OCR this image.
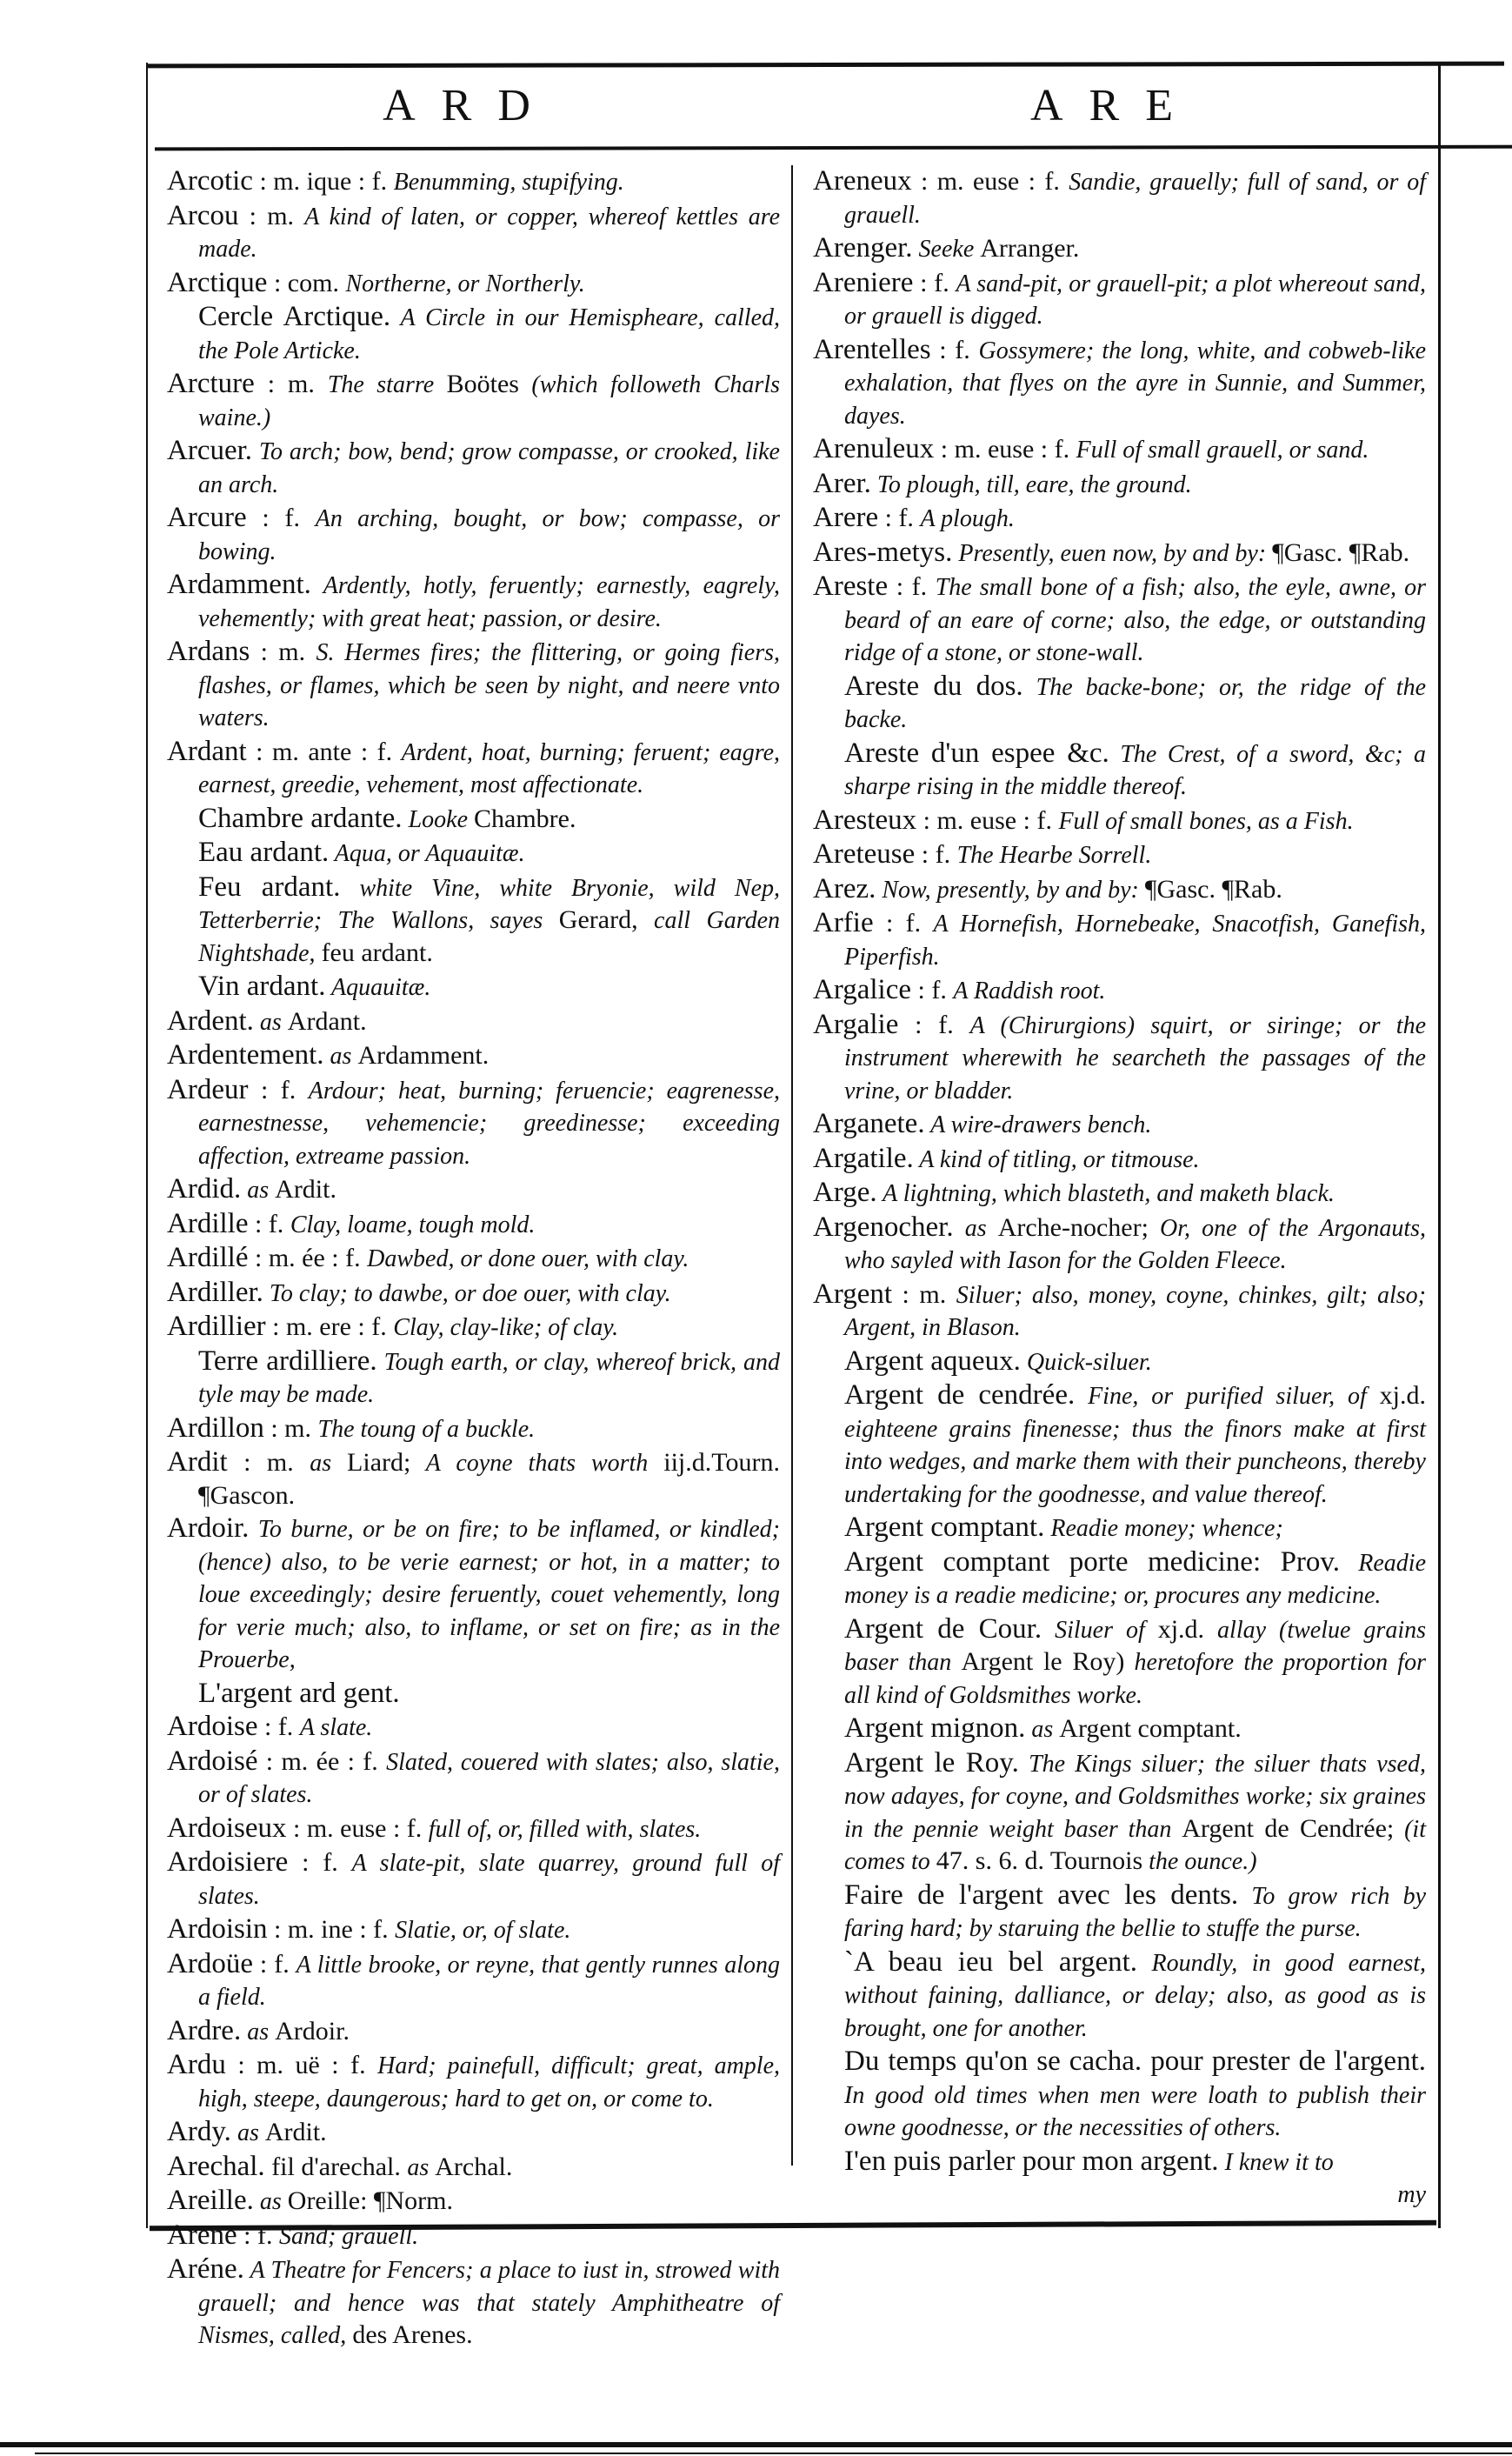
ARD	ARE
Arcotic : m. ique : f. Benumming, stupifying.
Arcou : m. A kind of laten, or copper, whereof kettles are made.
Arctique : com. Northerne, or Northerly.
Cercle Arctique. A Circle in our Hemispheare, called, the Pole Articke.
Arcture : m. The starre Boötes (which followeth Charls waine.)
Arcuer. To arch; bow, bend; grow compasse, or crooked, like an arch.
Arcure : f. An arching, bought, or bow; compasse, or bowing.
Ardamment. Ardently, hotly, feruently; earnestly, eagrely, vehemently; with great heat; passion, or desire.
Ardans : m. S. Hermes fires; the flittering, or going fiers, flashes, or flames, which be seen by night, and neere vnto waters.
Ardant : m. ante : f. Ardent, hoat, burning; feruent; eagre, earnest, greedie, vehement, most affectionate.
Chambre ardante. Looke Chambre.
Eau ardant. Aqua, or Aquauitæ.
Feu ardant. white Vine, white Bryonie, wild Nep, Tetterberrie; The Wallons, sayes Gerard, call Garden Nightshade, feu ardant.
Vin ardant. Aquauitæ.
Ardent. as Ardant.
Ardentement. as Ardamment.
Ardeur : f. Ardour; heat, burning; feruencie; eagrenesse, earnestnesse, vehemencie; greedinesse; exceeding affection, extreame passion.
Ardid. as Ardit.
Ardille : f. Clay, loame, tough mold.
Ardillé : m. ée : f. Dawbed, or done ouer, with clay.
Ardiller. To clay; to dawbe, or doe ouer, with clay.
Ardillier : m. ere : f. Clay, clay-like; of clay.
Terre ardilliere. Tough earth, or clay, whereof brick, and tyle may be made.
Ardillon : m. The toung of a buckle.
Ardit : m. as Liard; A coyne thats worth iij.d.Tourn. ¶Gascon.
Ardoir. To burne, or be on fire; to be inflamed, or kindled; (hence) also, to be verie earnest; or hot, in a matter; to loue exceedingly; desire feruently, couet vehemently, long for verie much; also, to inflame, or set on fire; as in the Prouerbe,
L'argent ard gent.
Ardoise : f. A slate.
Ardoisé : m. ée : f. Slated, couered with slates; also, slatie, or of slates.
Ardoiseux : m. euse : f. full of, or, filled with, slates.
Ardoisiere : f. A slate-pit, slate quarrey, ground full of slates.
Ardoisin : m. ine : f. Slatie, or, of slate.
Ardoüe : f. A little brooke, or reyne, that gently runnes along a field.
Ardre. as Ardoir.
Ardu : m. uë : f. Hard; painefull, difficult; great, ample, high, steepe, daungerous; hard to get on, or come to.
Ardy. as Ardit.
Arechal. fil d'arechal. as Archal.
Areille. as Oreille: ¶Norm.
Arene : f. Sand; grauell.
Aréne. A Theatre for Fencers; a place to iust in, strowed with grauell; and hence was that stately Amphitheatre of Nismes, called, des Arenes.
Areneux : m. euse : f. Sandie, grauelly; full of sand, or of grauell.
Arenger. Seeke Arranger.
Areniere : f. A sand-pit, or grauell-pit; a plot whereout sand, or grauell is digged.
Arentelles : f. Gossymere; the long, white, and cobweb-like exhalation, that flyes on the ayre in Sunnie, and Summer, dayes.
Arenuleux : m. euse : f. Full of small grauell, or sand.
Arer. To plough, till, eare, the ground.
Arere : f. A plough.
Ares-metys. Presently, euen now, by and by: ¶Gasc. ¶Rab.
Areste : f. The small bone of a fish; also, the eyle, awne, or beard of an eare of corne; also, the edge, or outstanding ridge of a stone, or stone-wall.
Areste du dos. The backe-bone; or, the ridge of the backe.
Areste d'un espee &c. The Crest, of a sword, &c; a sharpe rising in the middle thereof.
Aresteux : m. euse : f. Full of small bones, as a Fish.
Areteuse : f. The Hearbe Sorrell.
Arez. Now, presently, by and by: ¶Gasc. ¶Rab.
Arfie : f. A Hornefish, Hornebeake, Snacotfish, Ganefish, Piperfish.
Argalice : f. A Raddish root.
Argalie : f. A (Chirurgions) squirt, or siringe; or the instrument wherewith he searcheth the passages of the vrine, or bladder.
Arganete. A wire-drawers bench.
Argatile. A kind of titling, or titmouse.
Arge. A lightning, which blasteth, and maketh black.
Argenocher. as Arche-nocher; Or, one of the Argonauts, who sayled with Iason for the Golden Fleece.
Argent : m. Siluer; also, money, coyne, chinkes, gilt; also; Argent, in Blason.
Argent aqueux. Quick-siluer.
Argent de cendrée. Fine, or purified siluer, of xj.d. eighteene grains finenesse; thus the finors make at first into wedges, and marke them with their puncheons, thereby undertaking for the goodnesse, and value thereof.
Argent comptant. Readie money; whence;
Argent comptant porte medicine: Prov. Readie money is a readie medicine; or, procures any medicine.
Argent de Cour. Siluer of xj.d. allay (twelue grains baser than Argent le Roy) heretofore the proportion for all kind of Goldsmithes worke.
Argent mignon. as Argent comptant.
Argent le Roy. The Kings siluer; the siluer thats vsed, now adayes, for coyne, and Goldsmithes worke; six graines in the pennie weight baser than Argent de Cendrée; (it comes to 47. s. 6. d. Tournois the ounce.)
Faire de l'argent avec les dents. To grow rich by faring hard; by staruing the bellie to stuffe the purse.
`A beau ieu bel argent. Roundly, in good earnest, without faining, dalliance, or delay; also, as good as is brought, one for another.
Du temps qu'on se cacha. pour prester de l'argent. In good old times when men were loath to publish their owne goodnesse, or the necessities of others.
I'en puis parler pour mon argent. I knew it to
my
